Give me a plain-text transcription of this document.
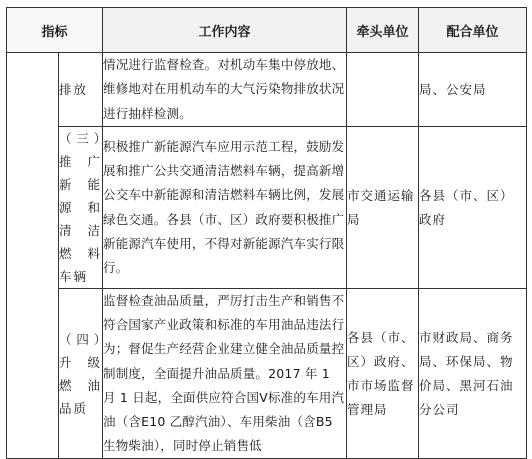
指标		工作内容	牵头单位	配合单位
	排放	情况进行监督检查。对机动车集中停放地、维修地对在用机动车的大气污染物排放状况进行抽样检测。		局、公安局
	（三）推广新能源和清洁燃料车辆	积极推广新能源汽车应用示范工程，鼓励发展和推广公共交通清洁燃料车辆，提高新增公交车中新能源和清洁燃料车辆比例，发展绿色交通。各县（市、区）政府要积极推广新能源汽车使用，不得对新能源汽车实行限行。	市交通运输局	各县（市、区）政府
	（四）升级燃油品质	监督检查油品质量，严厉打击生产和销售不符合国家产业政策和标准的车用油品违法行为；督促生产经营企业建立健全油品质量控制制度，全面提升油品质量。2017 年 1 月 1 日起，全面供应符合国Ⅴ标准的车用汽油（含E10 乙醇汽油）、车用柴油（含B5 生物柴油），同时停止销售低	各县（市、区）政府、市市场监督管理局	市财政局、商务局、环保局、物价局、黑河石油分公司
